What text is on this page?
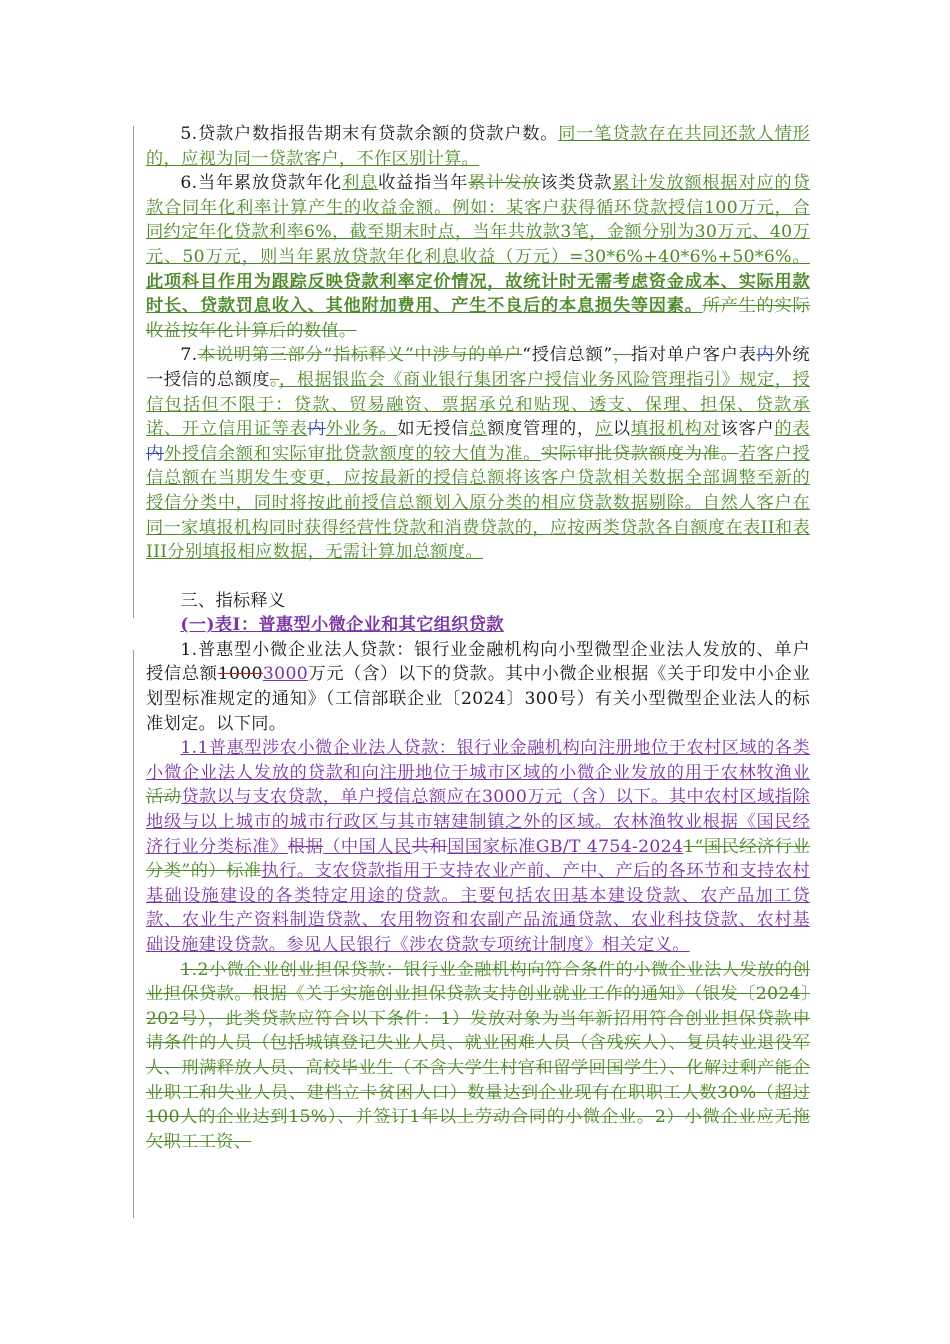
5.贷款户数指报告期末有贷款余额的贷款户数。同一笔贷款存在共同还款人情形的，应视为同一贷款客户，不作区别计算。

6.当年累放贷款年化利息收益指当年累计发放该类贷款累计发放额根据对应的贷款合同年化利率计算产生的收益金额。例如：某客户获得循环贷款授信100万元，合同约定年化贷款利率6%，截至期末时点，当年共放款3笔，金额分别为30万元、40万元、50万元，则当年累放贷款年化利息收益（万元）=30*6%+40*6%+50*6%。此项科目作用为跟踪反映贷款利率定价情况，故统计时无需考虑资金成本、实际用款时长、贷款罚息收入、其他附加费用、产生不良后的本息损失等因素。所产生的实际收益按年化计算后的数值。

7.本说明第三部分“指标释义”中涉与的单户“授信总额”，指对单户客户表内外统一授信的总额度。，根据银监会《商业银行集团客户授信业务风险管理指引》规定，授信包括但不限于：贷款、贸易融资、票据承兑和贴现、透支、保理、担保、贷款承诺、开立信用证等表内外业务。如无授信总额度管理的，应以填报机构对该客户的表内外授信余额和实际审批贷款额度的较大值为准。实际审批贷款额度为准。若客户授信总额在当期发生变更，应按最新的授信总额将该客户贷款相关数据全部调整至新的授信分类中，同时将按此前授信总额划入原分类的相应贷款数据剔除。自然人客户在同一家填报机构同时获得经营性贷款和消费贷款的，应按两类贷款各自额度在表II和表III分别填报相应数据，无需计算加总额度。

三、指标释义

(一)表I：普惠型小微企业和其它组织贷款

1.普惠型小微企业法人贷款：银行业金融机构向小型微型企业法人发放的、单户授信总额10003000万元（含）以下的贷款。其中小微企业根据《关于印发中小企业划型标准规定的通知》（工信部联企业〔2024〕300号）有关小型微型企业法人的标准划定。以下同。

1.1普惠型涉农小微企业法人贷款：银行业金融机构向注册地位于农村区域的各类小微企业法人发放的贷款和向注册地位于城市区域的小微企业发放的用于农林牧渔业活动贷款以与支农贷款，单户授信总额应在3000万元（含）以下。其中农村区域指除地级与以上城市的城市行政区与其市辖建制镇之外的区域。农林渔牧业根据《国民经济行业分类标准》根据（中国人民共和国国家标准GB/T 4754-20241“国民经济行业分类”的）标准执行。支农贷款指用于支持农业产前、产中、产后的各环节和支持农村基础设施建设的各类特定用途的贷款。主要包括农田基本建设贷款、农产品加工贷款、农业生产资料制造贷款、农用物资和农副产品流通贷款、农业科技贷款、农村基础设施建设贷款。参见人民银行《涉农贷款专项统计制度》相关定义。

1.2小微企业创业担保贷款：银行业金融机构向符合条件的小微企业法人发放的创业担保贷款。根据《关于实施创业担保贷款支持创业就业工作的通知》（银发〔2024〕202号），此类贷款应符合以下条件：1）发放对象为当年新招用符合创业担保贷款申请条件的人员（包括城镇登记失业人员、就业困难人员（含残疾人）、复员转业退役军人、刑满释放人员、高校毕业生（不含大学生村官和留学回国学生）、化解过剩产能企业职工和失业人员、建档立卡贫困人口）数量达到企业现有在职职工人数30%（超过100人的企业达到15%）、并签订1年以上劳动合同的小微企业。2）小微企业应无拖欠职工工资、
